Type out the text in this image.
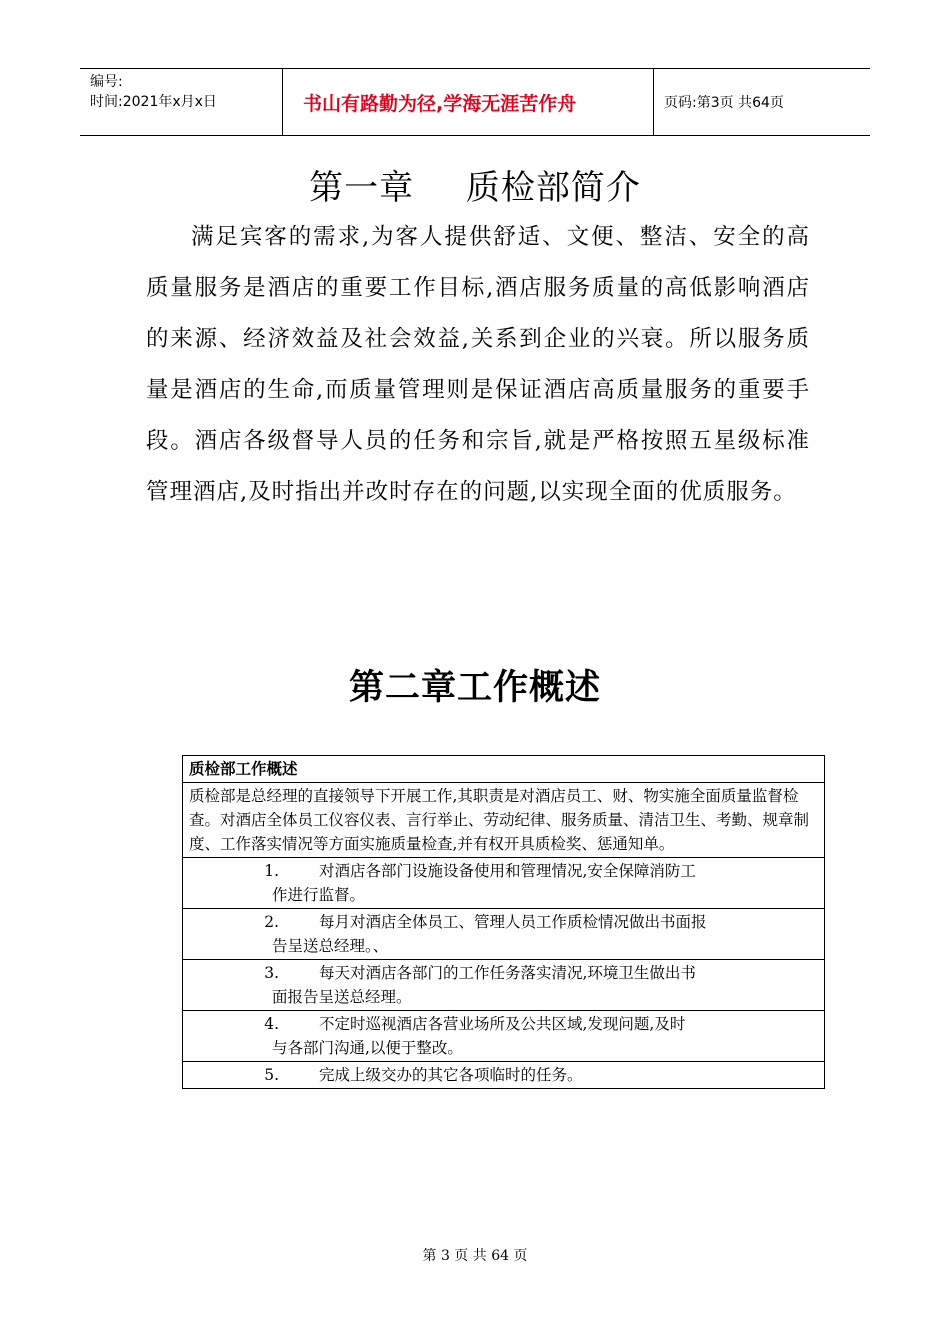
编号:
时间:2021年x月x日	书山有路勤为径,学海无涯苦作舟	页码:第3页 共64页
第一章 质检部简介

满足宾客的需求,为客人提供舒适、文便、整洁、安全的高质量服务是酒店的重要工作目标,酒店服务质量的高低影响酒店的来源、经济效益及社会效益,关系到企业的兴衰。所以服务质量是酒店的生命,而质量管理则是保证酒店高质量服务的重要手段。酒店各级督导人员的任务和宗旨,就是严格按照五星级标准管理酒店,及时指出并改时存在的问题,以实现全面的优质服务。

第二章工作概述
质检部工作概述
质检部是总经理的直接领导下开展工作,其职责是对酒店员工、财、物实施全面质量监督检查。对酒店全体员工仪容仪表、言行举止、劳动纪律、服务质量、清洁卫生、考勤、规章制度、工作落实情况等方面实施质量检查,并有权开具质检奖、惩通知单。

1.	对酒店各部门设施设备使用和管理情况,安全保障消防工
作进行监督。

2.	每月对酒店全体员工、管理人员工作质检情况做出书面报
告呈送总经理。、

3.	每天对酒店各部门的工作任务落实清况,环境卫生做出书
面报告呈送总经理。

4.	不定时巡视酒店各营业场所及公共区域,发现问题,及时
与各部门沟通,以便于整改。

5.	完成上级交办的其它各项临时的任务。
第 3 页 共 64 页
